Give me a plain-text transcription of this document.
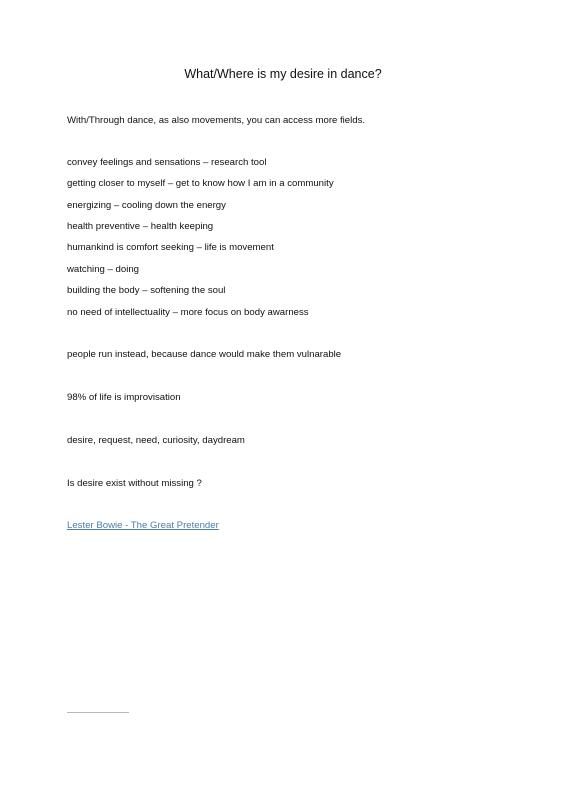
What/Where is my desire in dance?
With/Through dance, as also movements, you can access more fields.
convey feelings and sensations – research tool
getting closer to myself – get to know how I am in a community
energizing – cooling down the energy
health preventive – health keeping
humankind is comfort seeking – life is movement
watching – doing
building the body – softening the soul
no need of intellectuality – more focus on body awarness
people run instead, because dance would make them vulnarable
98% of life is improvisation
desire, request, need, curiosity, daydream
Is desire exist without missing ?
Lester Bowie - The Great Pretender
